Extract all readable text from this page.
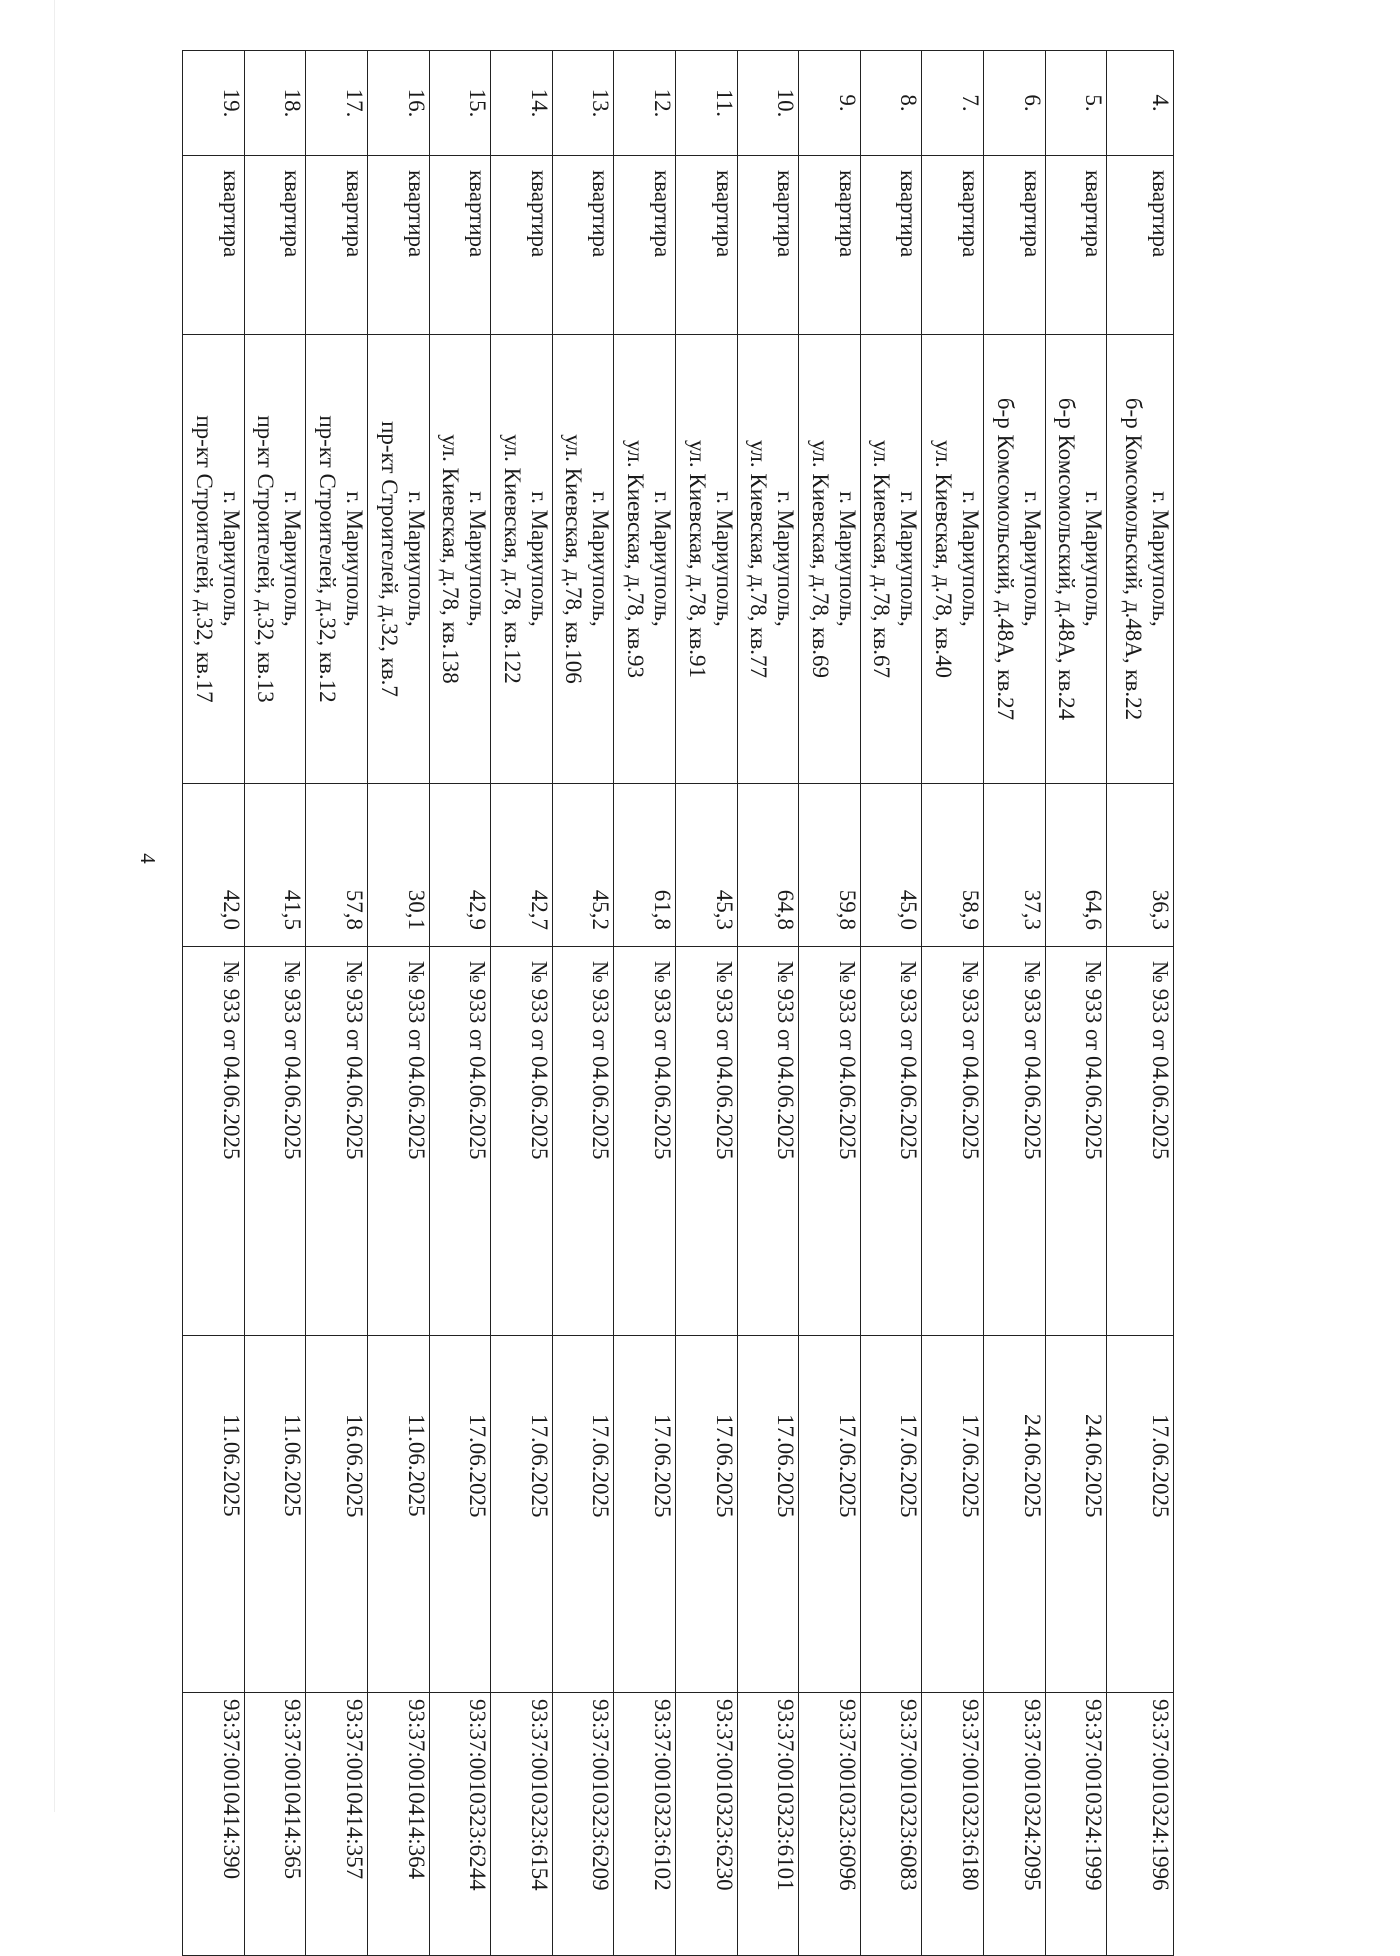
4
4.	квартира	г. Мариуполь,
б-р Комсомольский, д.48А, кв.22	36,3	№ 933 от 04.06.2025	17.06.2025	93:37:0010324:1996
5.	квартира	г. Мариуполь,
б-р Комсомольский, д.48А, кв.24	64,6	№ 933 от 04.06.2025	24.06.2025	93:37:0010324:1999
6.	квартира	г. Мариуполь,
б-р Комсомольский, д.48А, кв.27	37,3	№ 933 от 04.06.2025	24.06.2025	93:37:0010324:2095
7.	квартира	г. Мариуполь,
ул. Киевская, д.78, кв.40	58,9	№ 933 от 04.06.2025	17.06.2025	93:37:0010323:6180
8.	квартира	г. Мариуполь,
ул. Киевская, д.78, кв.67	45,0	№ 933 от 04.06.2025	17.06.2025	93:37:0010323:6083
9.	квартира	г. Мариуполь,
ул. Киевская, д.78, кв.69	59,8	№ 933 от 04.06.2025	17.06.2025	93:37:0010323:6096
10.	квартира	г. Мариуполь,
ул. Киевская, д.78, кв.77	64,8	№ 933 от 04.06.2025	17.06.2025	93:37:0010323:6101
11.	квартира	г. Мариуполь,
ул. Киевская, д.78, кв.91	45,3	№ 933 от 04.06.2025	17.06.2025	93:37:0010323:6230
12.	квартира	г. Мариуполь,
ул. Киевская, д.78, кв.93	61,8	№ 933 от 04.06.2025	17.06.2025	93:37:0010323:6102
13.	квартира	г. Мариуполь,
ул. Киевская, д.78, кв.106	45,2	№ 933 от 04.06.2025	17.06.2025	93:37:0010323:6209
14.	квартира	г. Мариуполь,
ул. Киевская, д.78, кв.122	42,7	№ 933 от 04.06.2025	17.06.2025	93:37:0010323:6154
15.	квартира	г. Мариуполь,
ул. Киевская, д.78, кв.138	42,9	№ 933 от 04.06.2025	17.06.2025	93:37:0010323:6244
16.	квартира	г. Мариуполь,
пр-кт Строителей, д.32, кв.7	30,1	№ 933 от 04.06.2025	11.06.2025	93:37:0010414:364
17.	квартира	г. Мариуполь,
пр-кт Строителей, д.32, кв.12	57,8	№ 933 от 04.06.2025	16.06.2025	93:37:0010414:357
18.	квартира	г. Мариуполь,
пр-кт Строителей, д.32, кв.13	41,5	№ 933 от 04.06.2025	11.06.2025	93:37:0010414:365
19.	квартира	г. Мариуполь,
пр-кт Строителей, д.32, кв.17	42,0	№ 933 от 04.06.2025	11.06.2025	93:37:0010414:390
